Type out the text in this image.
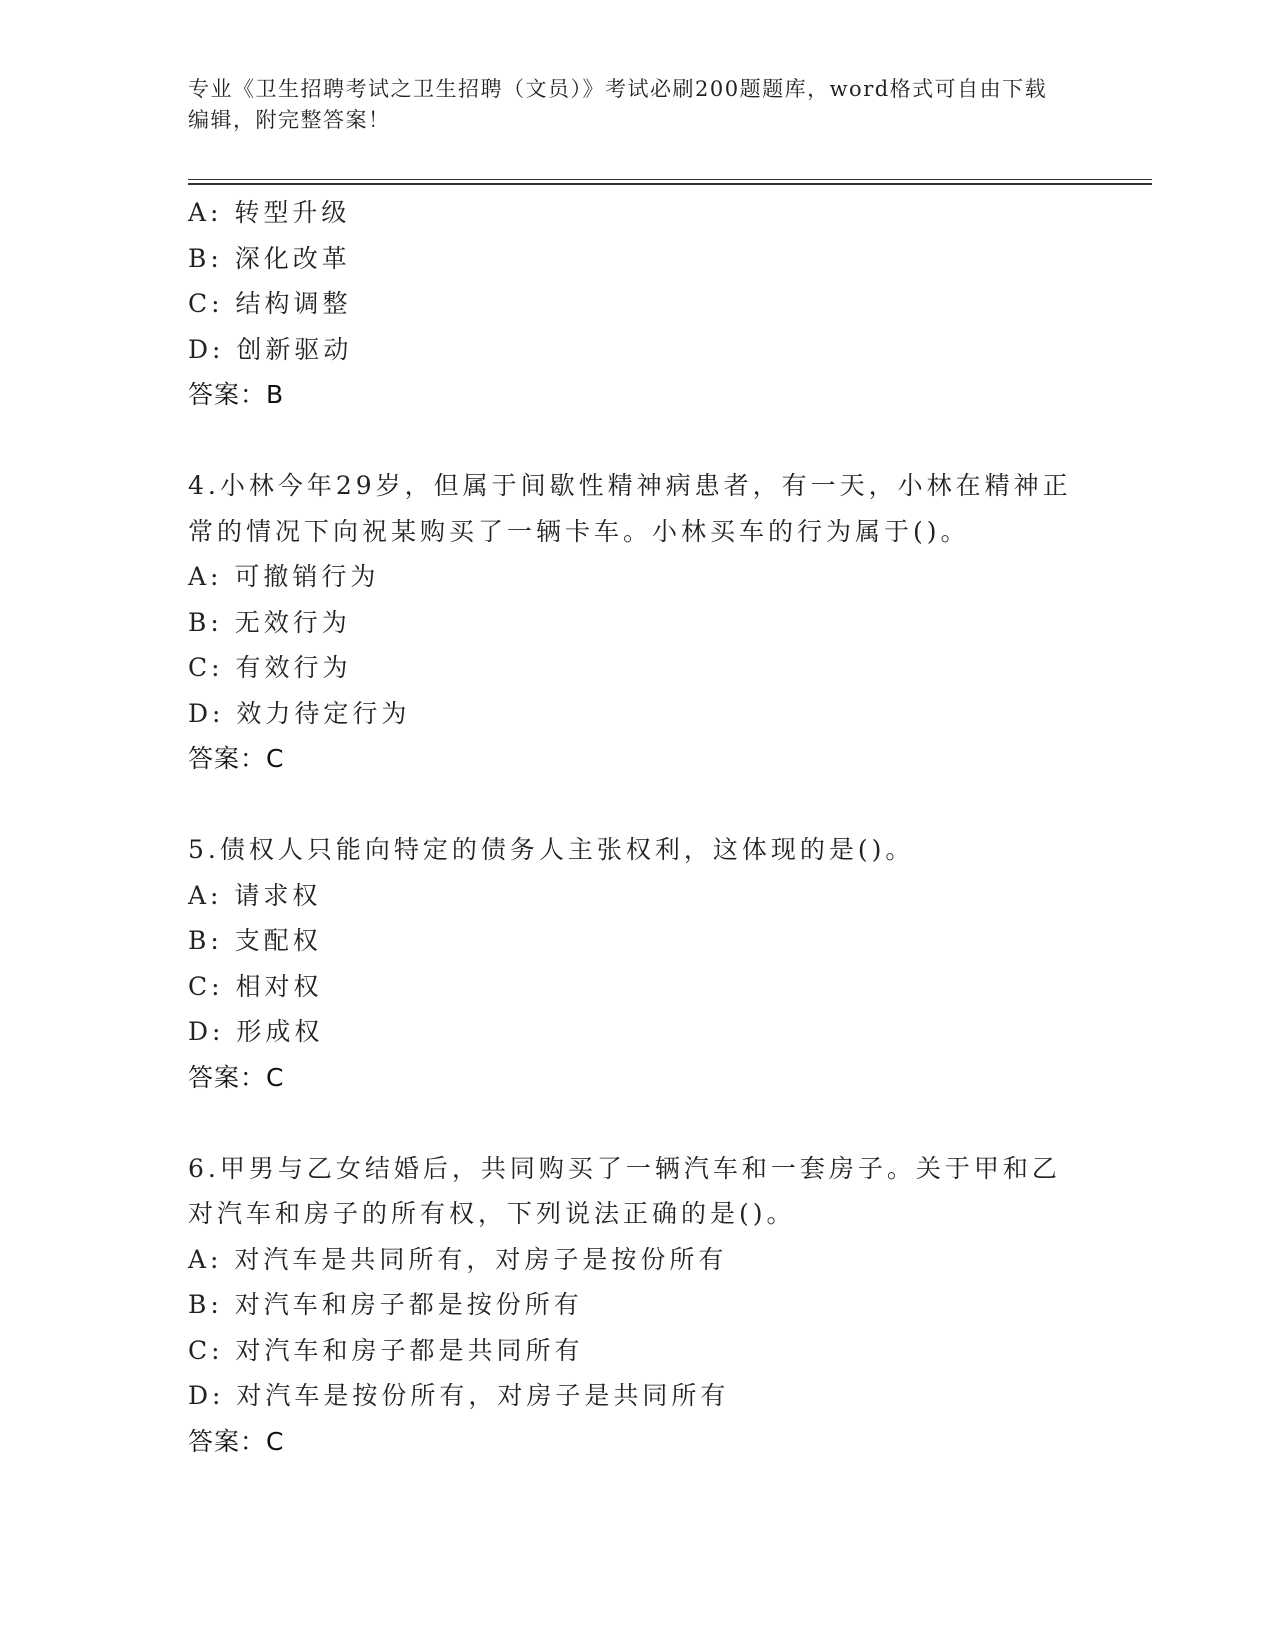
专业《卫生招聘考试之卫生招聘（文员）》考试必刷200题题库，word格式可自由下载编辑，附完整答案！
A: 转型升级
B: 深化改革
C: 结构调整
D: 创新驱动
答案：B
4.小林今年29岁，但属于间歇性精神病患者，有一天，小林在精神正
常的情况下向祝某购买了一辆卡车。小林买车的行为属于()。
A: 可撤销行为
B: 无效行为
C: 有效行为
D: 效力待定行为
答案：C
5.债权人只能向特定的债务人主张权利，这体现的是()。
A: 请求权
B: 支配权
C: 相对权
D: 形成权
答案：C
6.甲男与乙女结婚后，共同购买了一辆汽车和一套房子。关于甲和乙
对汽车和房子的所有权，下列说法正确的是()。
A: 对汽车是共同所有，对房子是按份所有
B: 对汽车和房子都是按份所有
C: 对汽车和房子都是共同所有
D: 对汽车是按份所有，对房子是共同所有
答案：C
